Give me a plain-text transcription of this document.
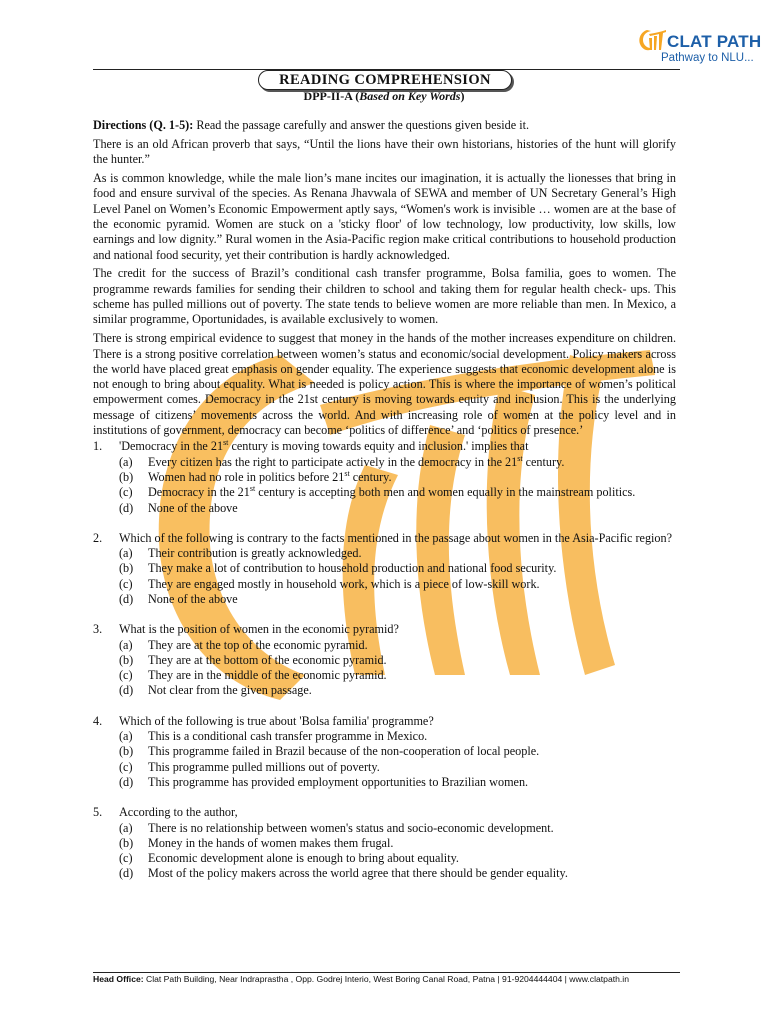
CLAT PATH
Pathway to NLU...
READING COMPREHENSION
DPP-II-A (Based on Key Words)

Directions (Q. 1-5): Read the passage carefully and answer the questions given beside it.

There is an old African proverb that says, “Until the lions have their own historians, histories of the hunt will glorify the hunter.”

As is common knowledge, while the male lion’s mane incites our imagination, it is actually the lionesses that bring in food and ensure survival of the species. As Renana Jhavwala of SEWA and member of UN Secretary General’s High Level Panel on Women’s Economic Empowerment aptly says, “Women's work is invisible … women are at the base of the economic pyramid. Women are stuck on a 'sticky floor' of low technology, low productivity, low skills, low earnings and low dignity.” Rural women in the Asia-Pacific region make critical contributions to household production and national food security, yet their contribution is hardly acknowledged.

The credit for the success of Brazil’s conditional cash transfer programme, Bolsa familia, goes to women. The programme rewards families for sending their children to school and taking them for regular health check- ups. This scheme has pulled millions out of poverty. The state tends to believe women are more reliable than men. In Mexico, a similar programme, Oportunidades, is available exclusively to women.

There is strong empirical evidence to suggest that money in the hands of the mother increases expenditure on children. There is a strong positive correlation between women’s status and economic/social development. Policy makers across the world have placed great emphasis on gender equality. The experience suggests that economic development alone is not enough to bring about equality. What is needed is policy action. This is where the importance of women’s political empowerment comes. Democracy in the 21st century is moving towards equity and inclusion. This is the underlying message of citizens’ movements across the world. And with increasing role of women at the policy level and in institutions of government, democracy can become ‘politics of difference’ and ‘politics of presence.’

1.	'Democracy in the 21st century is moving towards equity and inclusion.' implies that
(a)	Every citizen has the right to participate actively in the democracy in the 21st century.
(b)	Women had no role in politics before 21st century.
(c)	Democracy in the 21st century is accepting both men and women equally in the mainstream politics.
(d)	None of the above
2.	Which of the following is contrary to the facts mentioned in the passage about women in the Asia-Pacific region?
(a)	Their contribution is greatly acknowledged.
(b)	They make a lot of contribution to household production and national food security.
(c)	They are engaged mostly in household work, which is a piece of low-skill work.
(d)	None of the above
3.	What is the position of women in the economic pyramid?
(a)	They are at the top of the economic pyramid.
(b)	They are at the bottom of the economic pyramid.
(c)	They are in the middle of the economic pyramid.
(d)	Not clear from the given passage.
4.	Which of the following is true about 'Bolsa familia' programme?
(a)	This is a conditional cash transfer programme in Mexico.
(b)	This programme failed in Brazil because of the non-cooperation of local people.
(c)	This programme pulled millions out of poverty.
(d)	This programme has provided employment opportunities to Brazilian women.
5.	According to the author,
(a)	There is no relationship between women's status and socio-economic development.
(b)	Money in the hands of women makes them frugal.
(c)	Economic development alone is enough to bring about equality.
(d)	Most of the policy makers across the world agree that there should be gender equality.
Head Office: Clat Path Building, Near Indraprastha , Opp. Godrej Interio, West Boring Canal Road, Patna | 91-9204444404 | www.clatpath.in
